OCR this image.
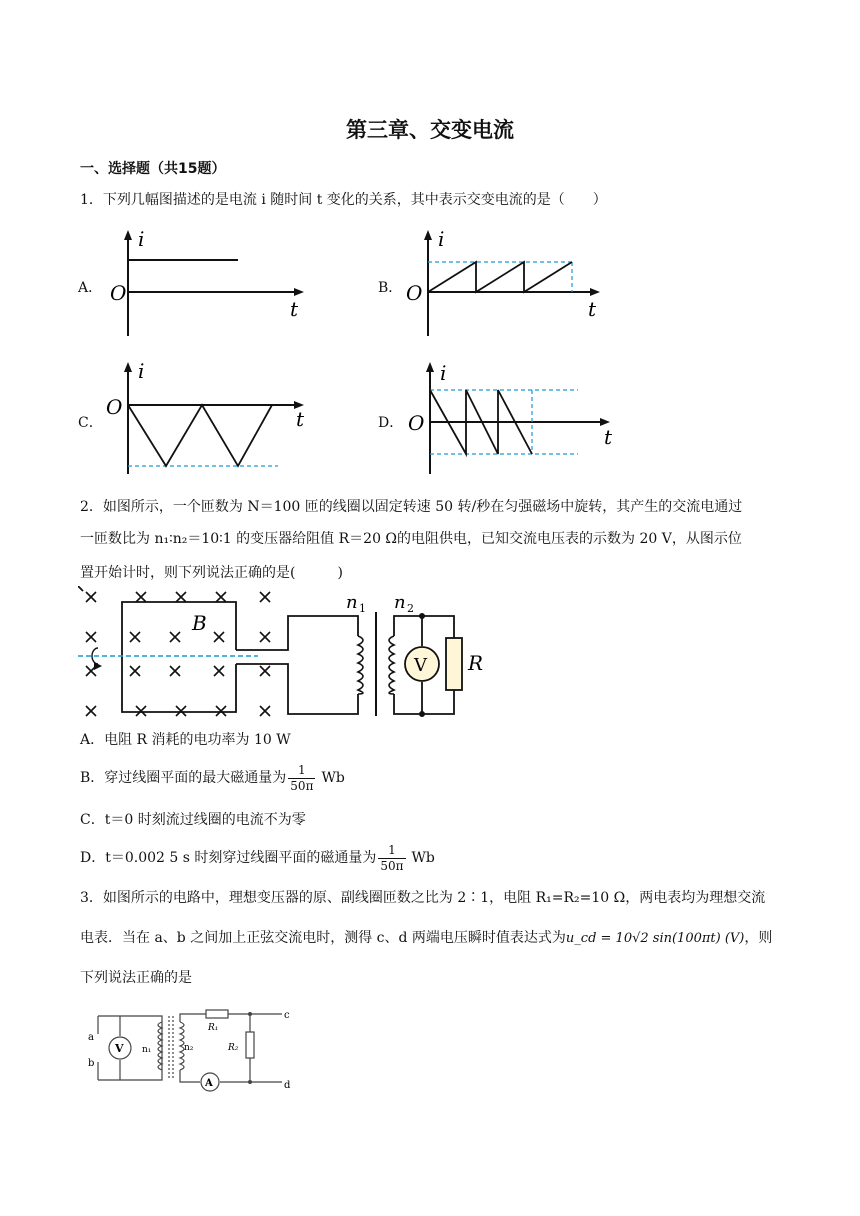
第三章、交变电流
一、选择题（共15题）
1．下列几幅图描述的是电流 i 随时间 t 变化的关系，其中表示交变电流的是（　　）
A．
i
O
t
B．
i
O
t
C．
i
O	t	D．
i
O
t
2．如图所示，一个匝数为 N＝100 匝的线圈以固定转速 50 转/秒在匀强磁场中旋转，其产生的交流电通过
一匝数比为 n₁∶n₂＝10∶1 的变压器给阻值 R＝20 Ω的电阻供电，已知交流电压表的示数为 20 V，从图示位
置开始计时，则下列说法正确的是(　　　)
B
V R
n 1 n 2
A．电阻 R 消耗的电功率为 10 W
B．穿过线圈平面的最大磁通量为 $\frac{1}{50\pi}$ Wb
C．t＝0 时刻流过线圈的电流不为零
D．t＝0.002 5 s 时刻穿过线圈平面的磁通量为 $\frac{1}{50\pi}$ Wb
3．如图所示的电路中，理想变压器的原、副线圈匝数之比为 2∶1，电阻 R₁=R₂=10 Ω，两电表均为理想交流
电表．当在 a、b 之间加上正弦交流电时，测得 c、d 两端电压瞬时值表达式为u_cd = 10√2 sin(100πt) (V)，则
下列说法正确的是
a
b
c
d
V
A
n₁	n₂
R₁
R₂
